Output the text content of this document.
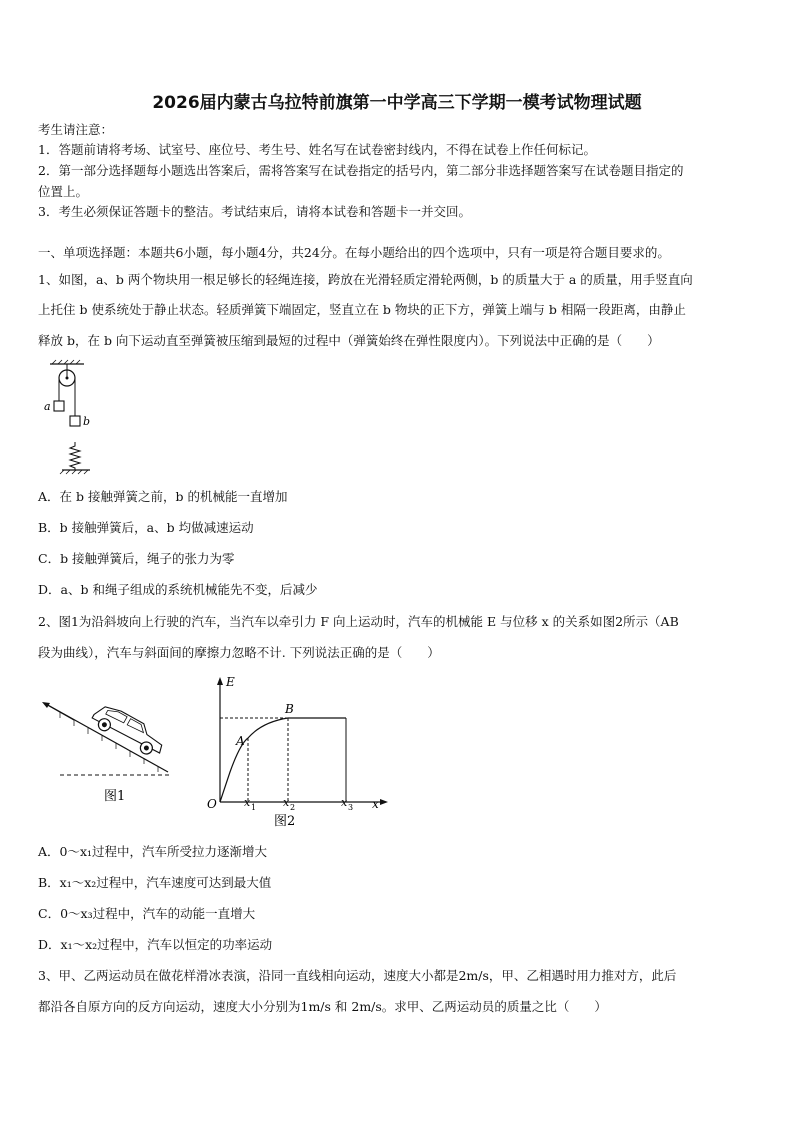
2026届内蒙古乌拉特前旗第一中学高三下学期一模考试物理试题
考生请注意：
1．答题前请将考场、试室号、座位号、考生号、姓名写在试卷密封线内，不得在试卷上作任何标记。
2．第一部分选择题每小题选出答案后，需将答案写在试卷指定的括号内，第二部分非选择题答案写在试卷题目指定的
位置上。
3．考生必须保证答题卡的整洁。考试结束后，请将本试卷和答题卡一并交回。
一、单项选择题：本题共6小题，每小题4分，共24分。在每小题给出的四个选项中，只有一项是符合题目要求的。
1、如图，a、b 两个物块用一根足够长的轻绳连接，跨放在光滑轻质定滑轮两侧，b 的质量大于 a 的质量，用手竖直向
上托住 b 使系统处于静止状态。轻质弹簧下端固定，竖直立在 b 物块的正下方，弹簧上端与 b 相隔一段距离，由静止
释放 b，在 b 向下运动直至弹簧被压缩到最短的过程中（弹簧始终在弹性限度内）。下列说法中正确的是（　　）
a
b
A．在 b 接触弹簧之前，b 的机械能一直增加
B．b 接触弹簧后，a、b 均做减速运动
C．b 接触弹簧后，绳子的张力为零
D．a、b 和绳子组成的系统机械能先不变，后减少
2、图1为沿斜坡向上行驶的汽车，当汽车以牵引力 F 向上运动时，汽车的机械能 E 与位移 x 的关系如图2所示（AB
段为曲线），汽车与斜面间的摩擦力忽略不计. 下列说法正确的是（　　）
图1
E
x
O
A
B
x 1 x 2	x 3
图2
A．0～x₁过程中，汽车所受拉力逐渐增大
B．x₁～x₂过程中，汽车速度可达到最大值
C．0～x₃过程中，汽车的动能一直增大
D．x₁～x₂过程中，汽车以恒定的功率运动
3、甲、乙两运动员在做花样滑冰表演，沿同一直线相向运动，速度大小都是2m/s，甲、乙相遇时用力推对方，此后
都沿各自原方向的反方向运动，速度大小分别为1m/s 和 2m/s。求甲、乙两运动员的质量之比（　　）
